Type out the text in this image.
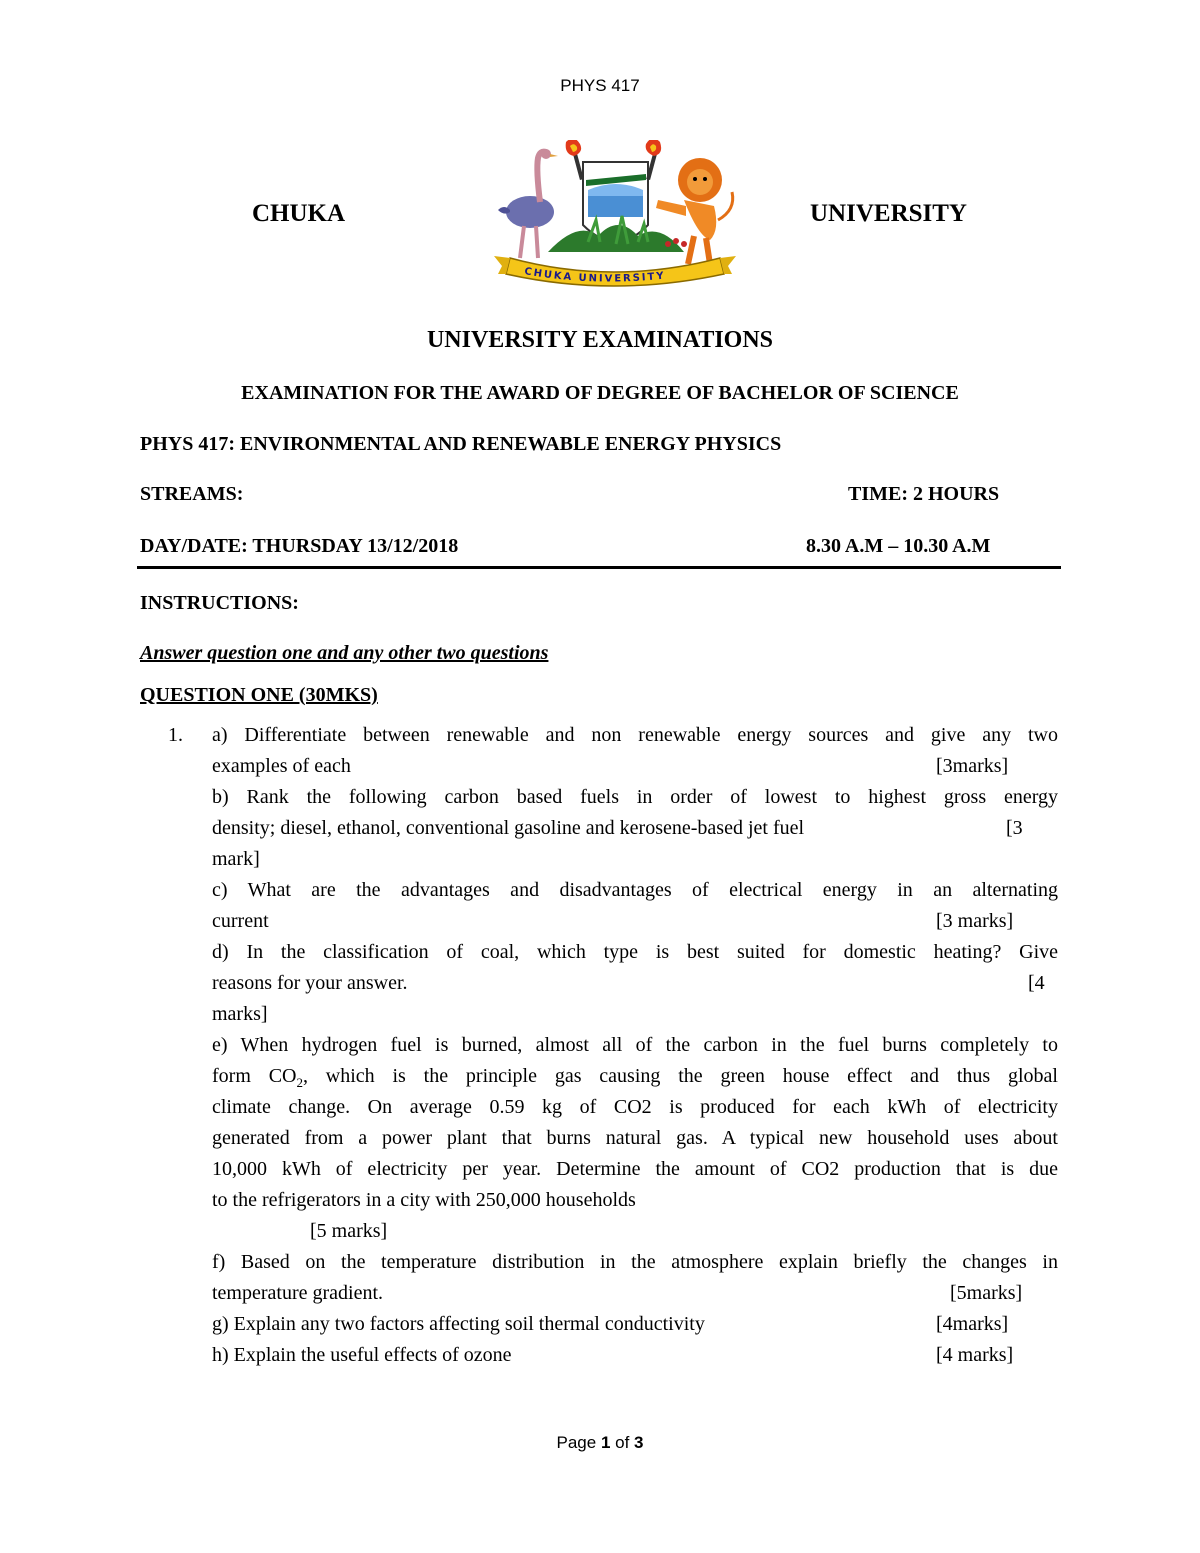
PHYS 417
CHUKA	UNIVERSITY
CHUKA UNIVERSITY
UNIVERSITY EXAMINATIONS
EXAMINATION FOR THE AWARD OF DEGREE OF BACHELOR OF SCIENCE
PHYS 417: ENVIRONMENTAL AND RENEWABLE ENERGY PHYSICS
STREAMS:	TIME: 2 HOURS
DAY/DATE: THURSDAY 13/12/2018	8.30 A.M – 10.30 A.M
INSTRUCTIONS:
Answer question one and any other two questions
QUESTION ONE (30MKS)
1. a) Differentiate between renewable and non renewable energy sources and give any two
examples of each	[3marks]
b) Rank the following carbon based fuels in order of lowest to highest gross energy
density; diesel, ethanol, conventional gasoline and kerosene-based jet fuel	[3
mark]
c) What are the advantages and disadvantages of electrical energy in an alternating
current	[3 marks]
d) In the classification of coal, which type is best suited for domestic heating? Give
reasons for your answer.	[4
marks]
e) When hydrogen fuel is burned, almost all of the carbon in the fuel burns completely to
form $CO_2$, which is the principle gas causing the green house effect and thus global
climate change. On average 0.59 kg of CO2 is produced for each kWh of electricity
generated from a power plant that burns natural gas. A typical new household uses about
10,000 kWh of electricity per year. Determine the amount of CO2 production that is due
to the refrigerators in a city with 250,000 households
[5 marks]
f) Based on the temperature distribution in the atmosphere explain briefly the changes in
temperature gradient.	[5marks]
g) Explain any two factors affecting soil thermal conductivity	[4marks]
h) Explain the useful effects of ozone	[4 marks]
Page 1 of 3
